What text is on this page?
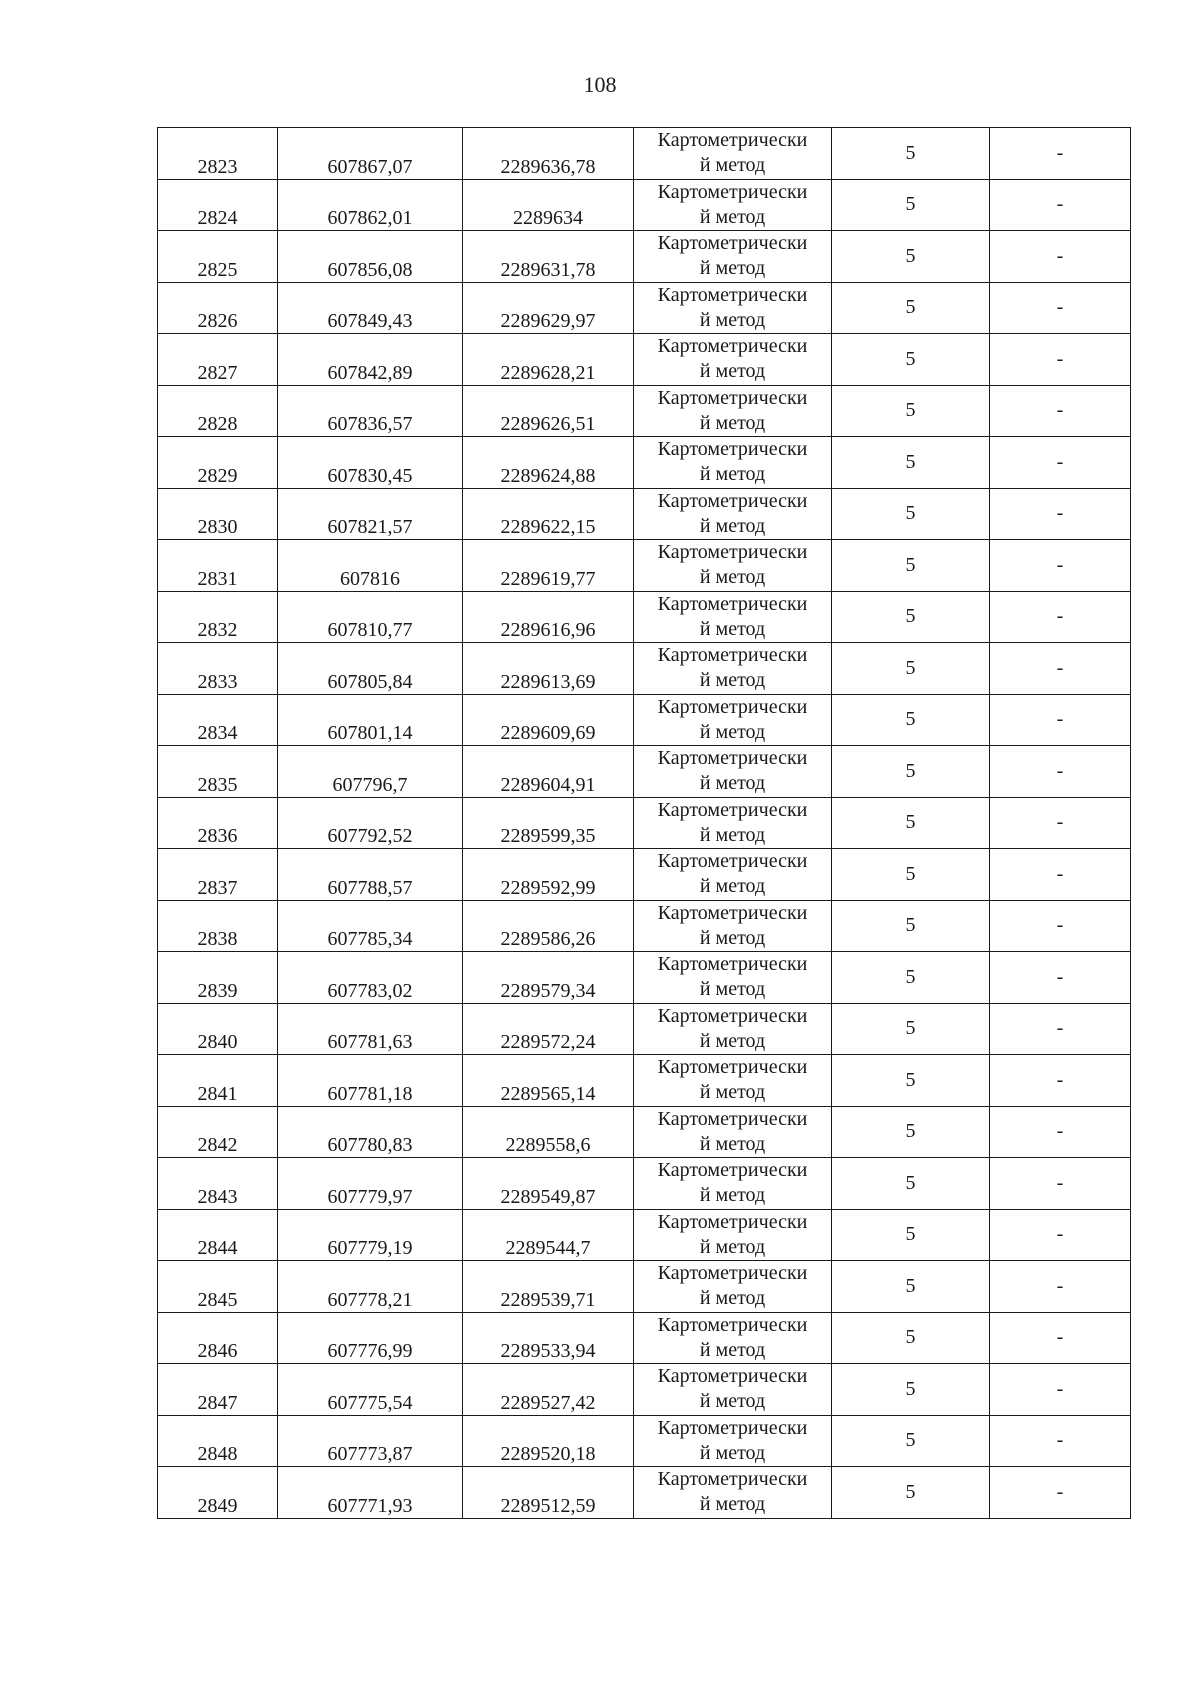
108
2823	607867,07	2289636,78	Картометрически
й метод	5	-
2824	607862,01	2289634	Картометрически
й метод	5	-
2825	607856,08	2289631,78	Картометрически
й метод	5	-
2826	607849,43	2289629,97	Картометрически
й метод	5	-
2827	607842,89	2289628,21	Картометрически
й метод	5	-
2828	607836,57	2289626,51	Картометрически
й метод	5	-
2829	607830,45	2289624,88	Картометрически
й метод	5	-
2830	607821,57	2289622,15	Картометрически
й метод	5	-
2831	607816	2289619,77	Картометрически
й метод	5	-
2832	607810,77	2289616,96	Картометрически
й метод	5	-
2833	607805,84	2289613,69	Картометрически
й метод	5	-
2834	607801,14	2289609,69	Картометрически
й метод	5	-
2835	607796,7	2289604,91	Картометрически
й метод	5	-
2836	607792,52	2289599,35	Картометрически
й метод	5	-
2837	607788,57	2289592,99	Картометрически
й метод	5	-
2838	607785,34	2289586,26	Картометрически
й метод	5	-
2839	607783,02	2289579,34	Картометрически
й метод	5	-
2840	607781,63	2289572,24	Картометрически
й метод	5	-
2841	607781,18	2289565,14	Картометрически
й метод	5	-
2842	607780,83	2289558,6	Картометрически
й метод	5	-
2843	607779,97	2289549,87	Картометрически
й метод	5	-
2844	607779,19	2289544,7	Картометрически
й метод	5	-
2845	607778,21	2289539,71	Картометрически
й метод	5	-
2846	607776,99	2289533,94	Картометрически
й метод	5	-
2847	607775,54	2289527,42	Картометрически
й метод	5	-
2848	607773,87	2289520,18	Картометрически
й метод	5	-
2849	607771,93	2289512,59	Картометрически
й метод	5	-
